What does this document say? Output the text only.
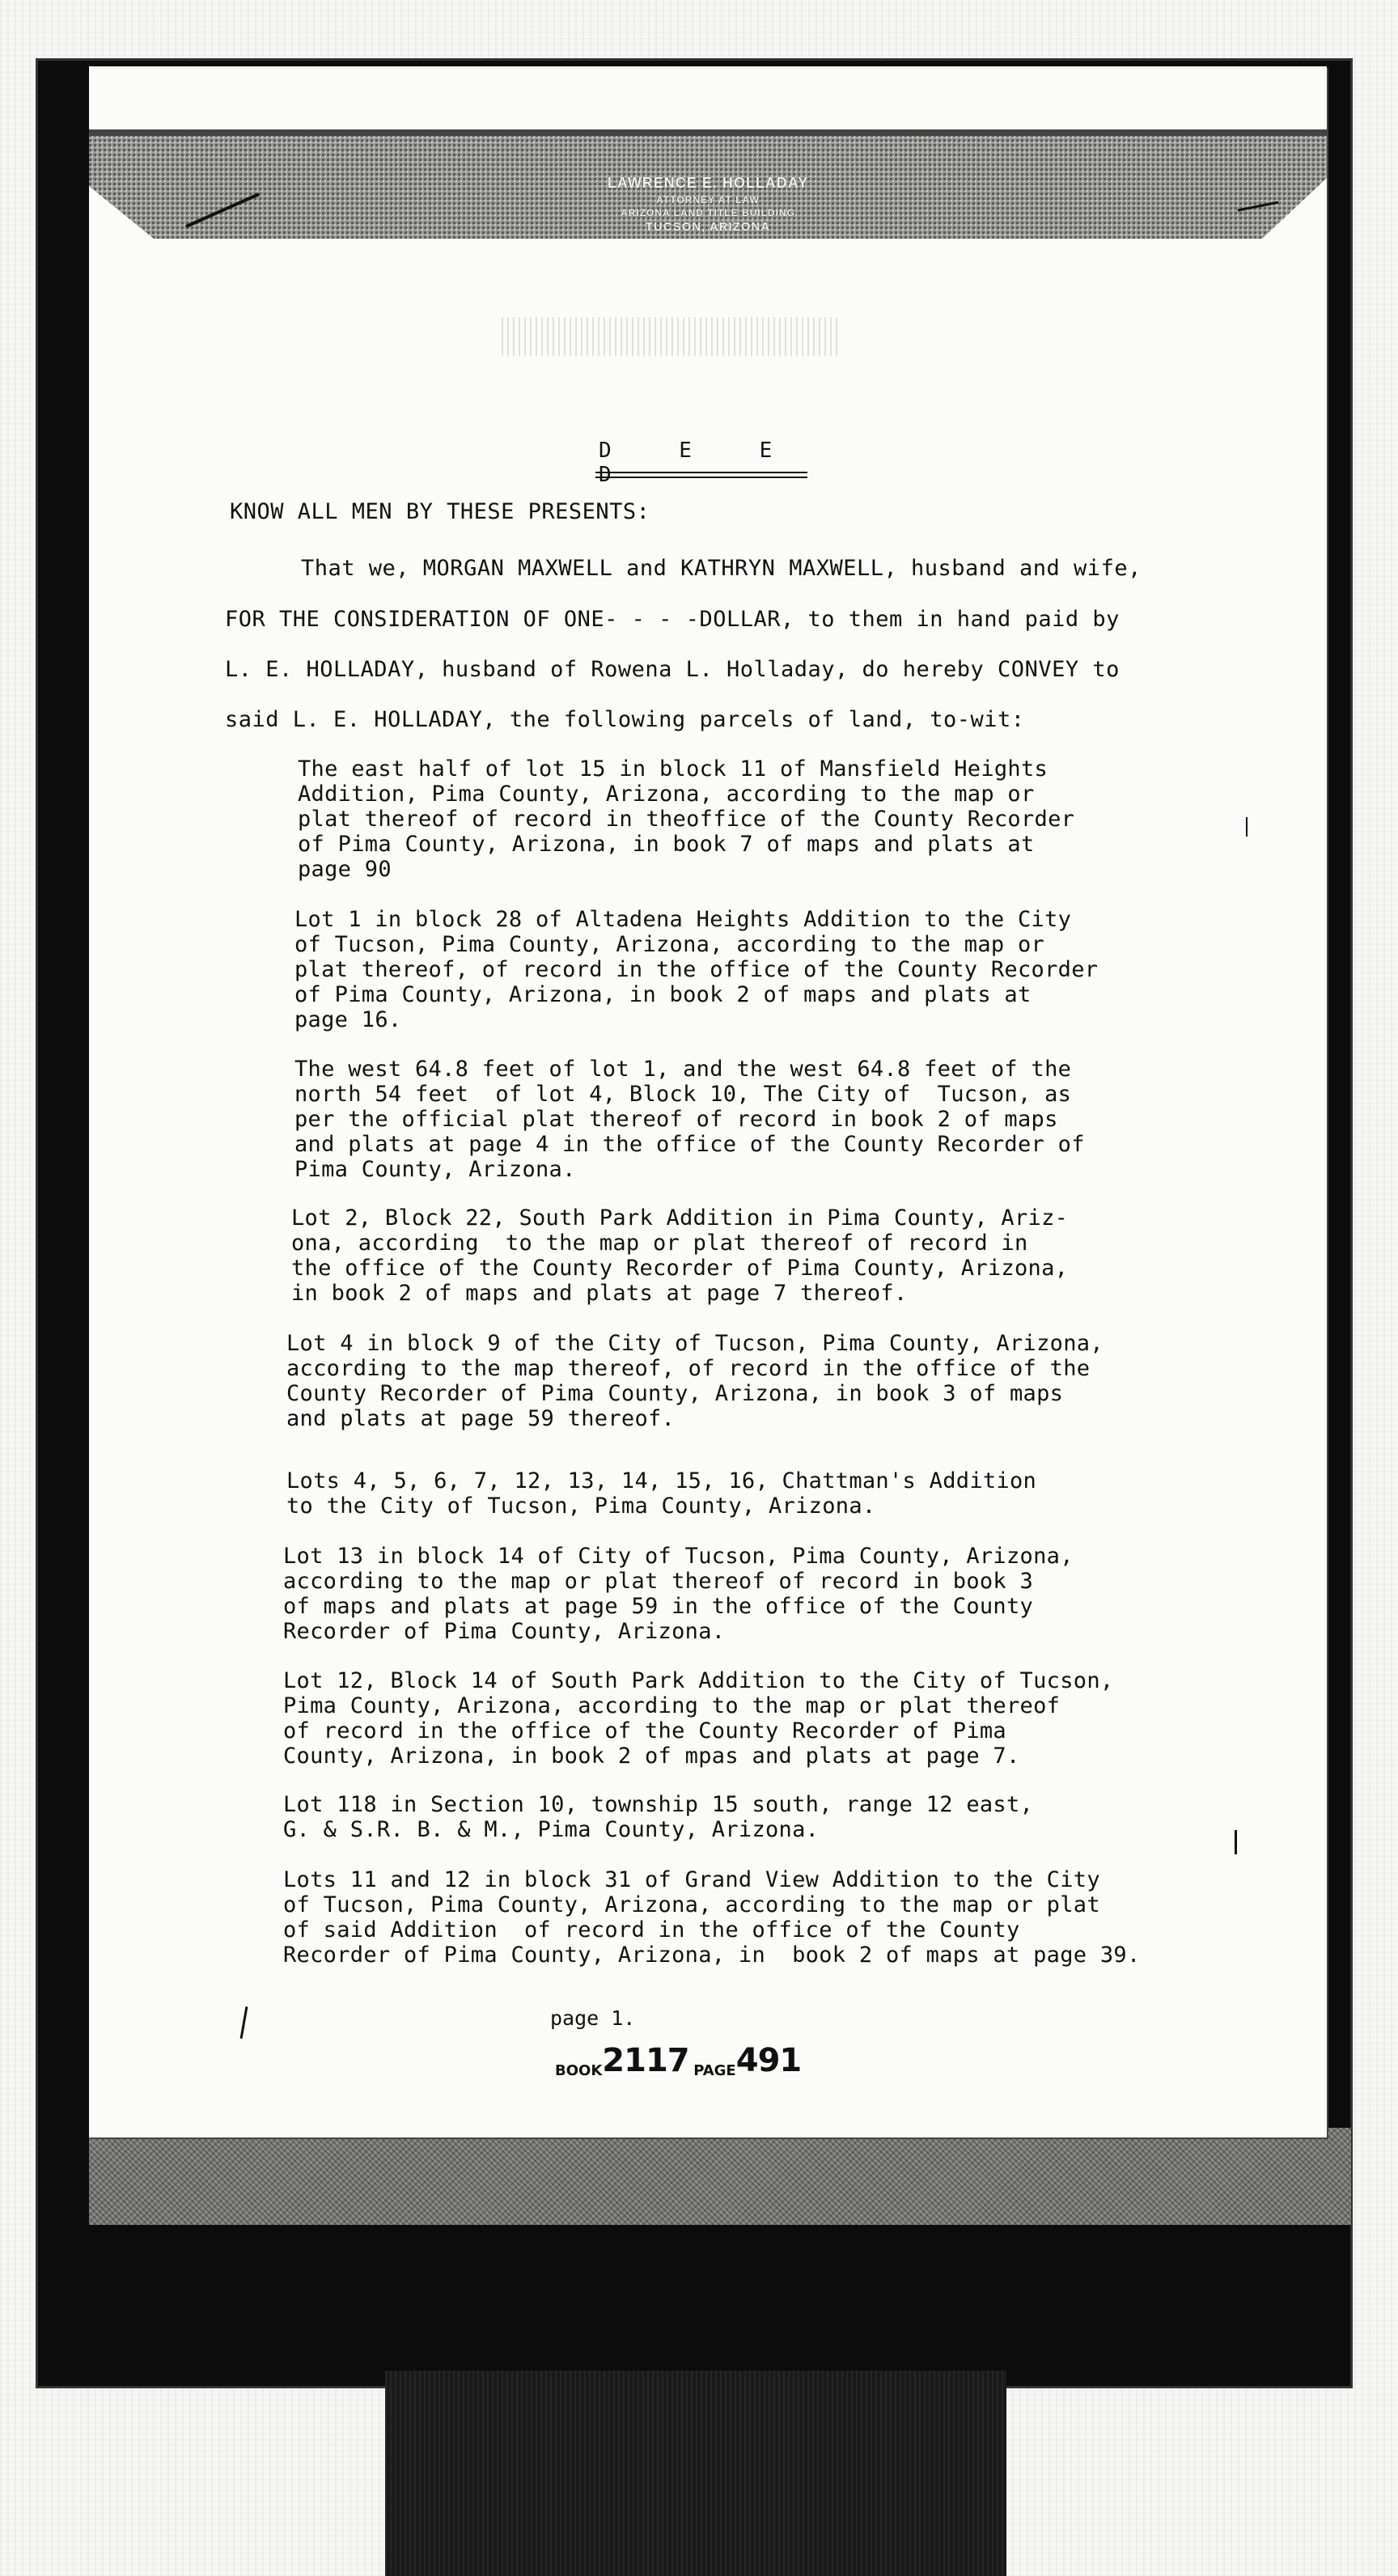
LAWRENCE E. HOLLADAY
ATTORNEY AT LAW
ARIZONA LAND TITLE BUILDING
TUCSON, ARIZONA
D E E D
KNOW ALL MEN BY THESE PRESENTS:
That we, MORGAN MAXWELL and KATHRYN MAXWELL, husband and wife,
FOR THE CONSIDERATION OF ONE- - - -DOLLAR, to them in hand paid by
L. E. HOLLADAY, husband of Rowena L. Holladay, do hereby CONVEY to
said L. E. HOLLADAY, the following parcels of land, to-wit:
The east half of lot 15 in block 11 of Mansfield Heights
Addition, Pima County, Arizona, according to the map or
plat thereof of record in theoffice of the County Recorder
of Pima County, Arizona, in book 7 of maps and plats at
page 90
Lot 1 in block 28 of Altadena Heights Addition to the City
of Tucson, Pima County, Arizona, according to the map or
plat thereof, of record in the office of the County Recorder
of Pima County, Arizona, in book 2 of maps and plats at
page 16.
The west 64.8 feet of lot 1, and the west 64.8 feet of the
north 54 feet  of lot 4, Block 10, The City of  Tucson, as
per the official plat thereof of record in book 2 of maps
and plats at page 4 in the office of the County Recorder of
Pima County, Arizona.
Lot 2, Block 22, South Park Addition in Pima County, Ariz-
ona, according  to the map or plat thereof of record in
the office of the County Recorder of Pima County, Arizona,
in book 2 of maps and plats at page 7 thereof.
Lot 4 in block 9 of the City of Tucson, Pima County, Arizona,
according to the map thereof, of record in the office of the
County Recorder of Pima County, Arizona, in book 3 of maps
and plats at page 59 thereof.
Lots 4, 5, 6, 7, 12, 13, 14, 15, 16, Chattman's Addition
to the City of Tucson, Pima County, Arizona.
Lot 13 in block 14 of City of Tucson, Pima County, Arizona,
according to the map or plat thereof of record in book 3
of maps and plats at page 59 in the office of the County
Recorder of Pima County, Arizona.
Lot 12, Block 14 of South Park Addition to the City of Tucson,
Pima County, Arizona, according to the map or plat thereof
of record in the office of the County Recorder of Pima
County, Arizona, in book 2 of mpas and plats at page 7.
Lot 118 in Section 10, township 15 south, range 12 east,
G. & S.R. B. & M., Pima County, Arizona.
Lots 11 and 12 in block 31 of Grand View Addition to the City
of Tucson, Pima County, Arizona, according to the map or plat
of said Addition  of record in the office of the County
Recorder of Pima County, Arizona, in  book 2 of maps at page 39.
page 1.
BOOK2117 PAGE491
